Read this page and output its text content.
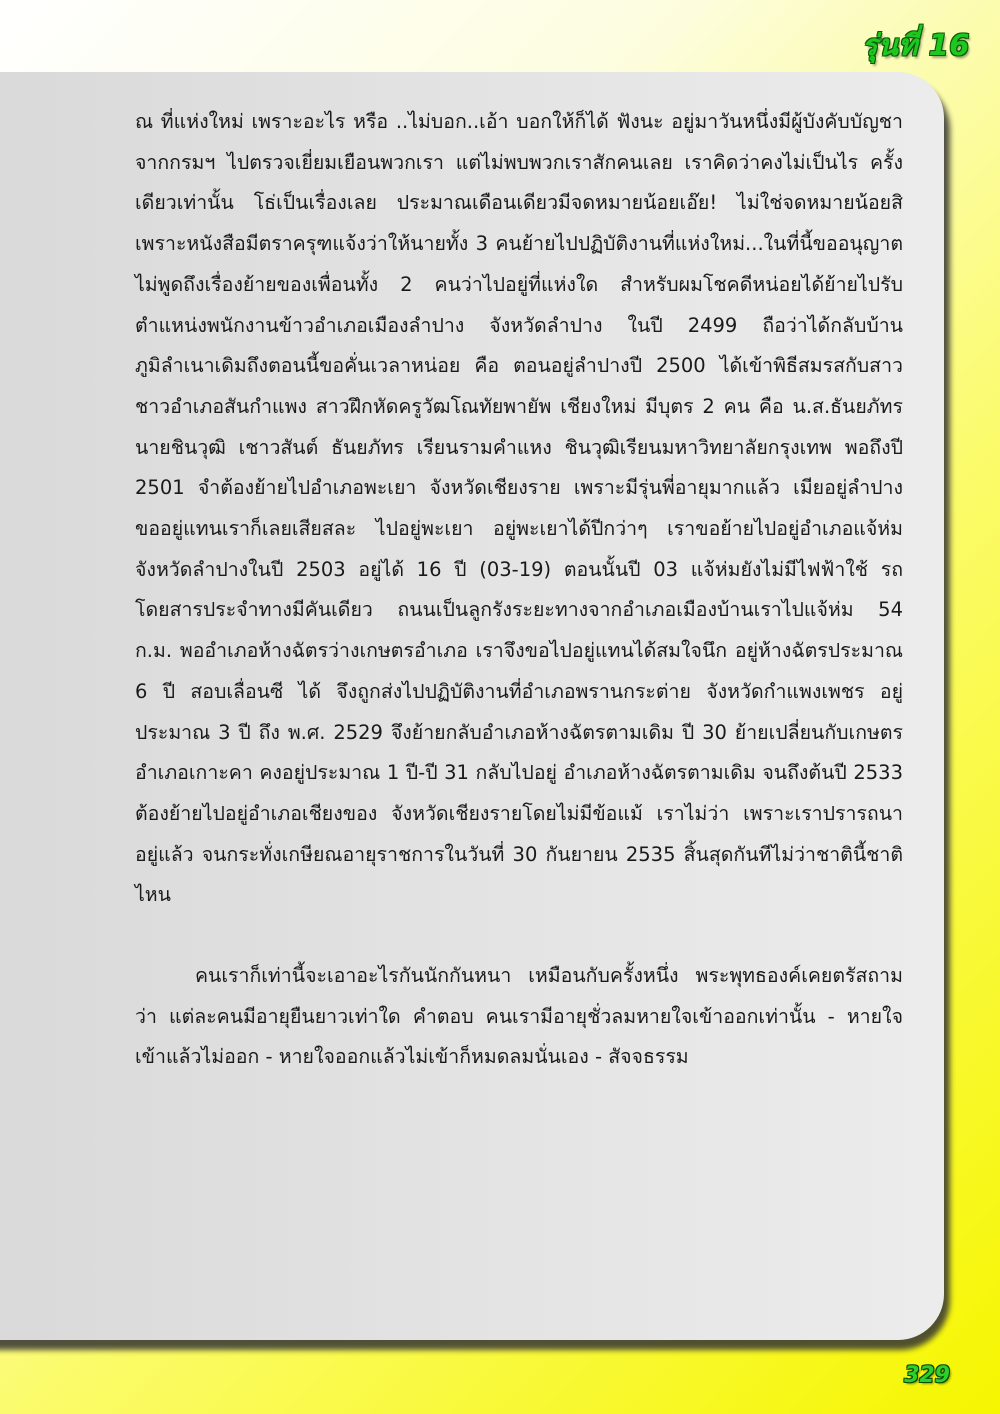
รุ่นที่ 16

ณ ที่แห่งใหม่ เพราะอะไร หรือ ..ไม่บอก..เอ้า บอกให้ก็ได้ ฟังนะ อยู่มาวันหนึ่งมีผู้บังคับบัญชาจากกรมฯ ไปตรวจเยี่ยมเยือนพวกเรา แต่ไม่พบพวกเราสักคนเลย เราคิดว่าคงไม่เป็นไร ครั้งเดียวเท่านั้น โธ่เป็นเรื่องเลย ประมาณเดือนเดียวมีจดหมายน้อยเอ๊ย! ไม่ใช่จดหมายน้อยสิ เพราะหนังสือมีตราครุฑแจ้งว่าให้นายทั้ง 3 คนย้ายไปปฏิบัติงานที่แห่งใหม่...ในที่นี้ขออนุญาตไม่พูดถึงเรื่องย้ายของเพื่อนทั้ง 2 คนว่าไปอยู่ที่แห่งใด สำหรับผมโชคดีหน่อยได้ย้ายไปรับตำแหน่งพนักงานข้าวอำเภอเมืองลำปาง จังหวัดลำปาง ในปี 2499 ถือว่าได้กลับบ้านภูมิลำเนาเดิมถึงตอนนี้ขอคั่นเวลาหน่อย คือ ตอนอยู่ลำปางปี 2500 ได้เข้าพิธีสมรสกับสาวชาวอำเภอสันกำแพง สาวฝึกหัดครูวัฒโณทัยพายัพ เชียงใหม่ มีบุตร 2 คน คือ น.ส.ธันยภัทร นายชินวุฒิ เชาวสันต์ ธันยภัทร เรียนรามคำแหง ชินวุฒิเรียนมหาวิทยาลัยกรุงเทพ พอถึงปี 2501 จำต้องย้ายไปอำเภอพะเยา จังหวัดเชียงราย เพราะมีรุ่นพี่อายุมากแล้ว เมียอยู่ลำปาง ขออยู่แทนเราก็เลยเสียสละ ไปอยู่พะเยา อยู่พะเยาได้ปีกว่าๆ เราขอย้ายไปอยู่อำเภอแจ้ห่ม จังหวัดลำปางในปี 2503 อยู่ได้ 16 ปี (03-19) ตอนนั้นปี 03 แจ้ห่มยังไม่มีไฟฟ้าใช้ รถโดยสารประจำทางมีคันเดียว ถนนเป็นลูกรังระยะทางจากอำเภอเมืองบ้านเราไปแจ้ห่ม 54 ก.ม. พออำเภอห้างฉัตรว่างเกษตรอำเภอ เราจึงขอไปอยู่แทนได้สมใจนึก อยู่ห้างฉัตรประมาณ 6 ปี สอบเลื่อนซี ได้ จึงถูกส่งไปปฏิบัติงานที่อำเภอพรานกระต่าย จังหวัดกำแพงเพชร อยู่ประมาณ 3 ปี ถึง พ.ศ. 2529 จึงย้ายกลับอำเภอห้างฉัตรตามเดิม ปี 30 ย้ายเปลี่ยนกับเกษตรอำเภอเกาะคา คงอยู่ประมาณ 1 ปี-ปี 31 กลับไปอยู่ อำเภอห้างฉัตรตามเดิม จนถึงต้นปี 2533 ต้องย้ายไปอยู่อำเภอเชียงของ จังหวัดเชียงรายโดยไม่มีข้อแม้ เราไม่ว่า เพราะเราปรารถนาอยู่แล้ว จนกระทั่งเกษียณอายุราชการในวันที่ 30 กันยายน 2535 สิ้นสุดกันทีไม่ว่าชาตินี้ชาติไหน

คนเราก็เท่านี้จะเอาอะไรกันนักกันหนา เหมือนกับครั้งหนึ่ง พระพุทธองค์เคยตรัสถามว่า แต่ละคนมีอายุยืนยาวเท่าใด คำตอบ คนเรามีอายุชั่วลมหายใจเข้าออกเท่านั้น - หายใจเข้าแล้วไม่ออก - หายใจออกแล้วไม่เข้าก็หมดลมนั่นเอง - สัจจธรรม

329
